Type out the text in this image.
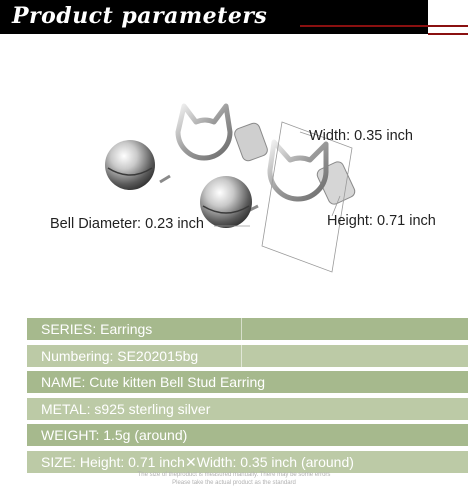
Product parameters
Width: 0.35 inch
Height: 0.71 inch
Bell Diameter: 0.23 inch
SERIES: Earrings
Numbering: SE202015bg
NAME: Cute kitten Bell Stud Earring
METAL: s925 sterling silver
WEIGHT: 1.5g (around)
SIZE: Height: 0.71 inch✕Width: 0.35 inch (around)
The size of theproduct is measured manually. There may be some errors
Please take the actual product as the standard
